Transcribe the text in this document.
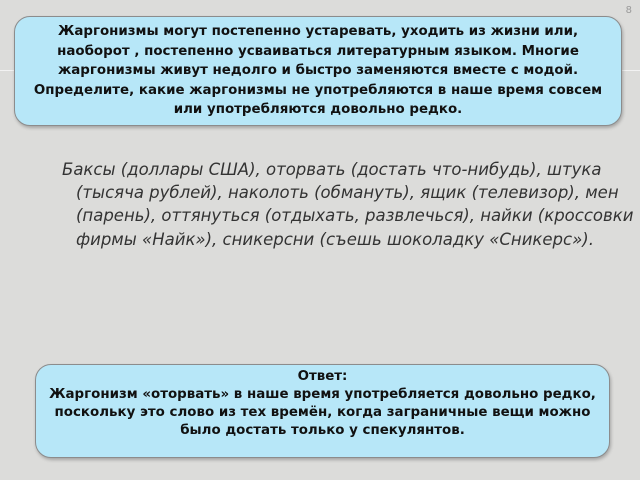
8
Жаргонизмы могут постепенно устаревать, уходить из жизни или, наоборот , постепенно усваиваться литературным языком. Многие жаргонизмы живут недолго и быстро заменяются вместе с модой. Определите, какие жаргонизмы не употребляются в наше время совсем или употребляются довольно редко.
Баксы (доллары США), оторвать (достать что-нибудь), штука (тысяча рублей), наколоть (обмануть), ящик (телевизор), мен (парень), оттянуться (отдыхать, развлечься), найки (кроссовки фирмы «Найк»), сникерсни (съешь шоколадку «Сникерс»).
Ответ:
Жаргонизм «оторвать» в наше время употребляется довольно редко, поскольку это слово из тех времён, когда заграничные вещи можно было достать только у спекулянтов.
